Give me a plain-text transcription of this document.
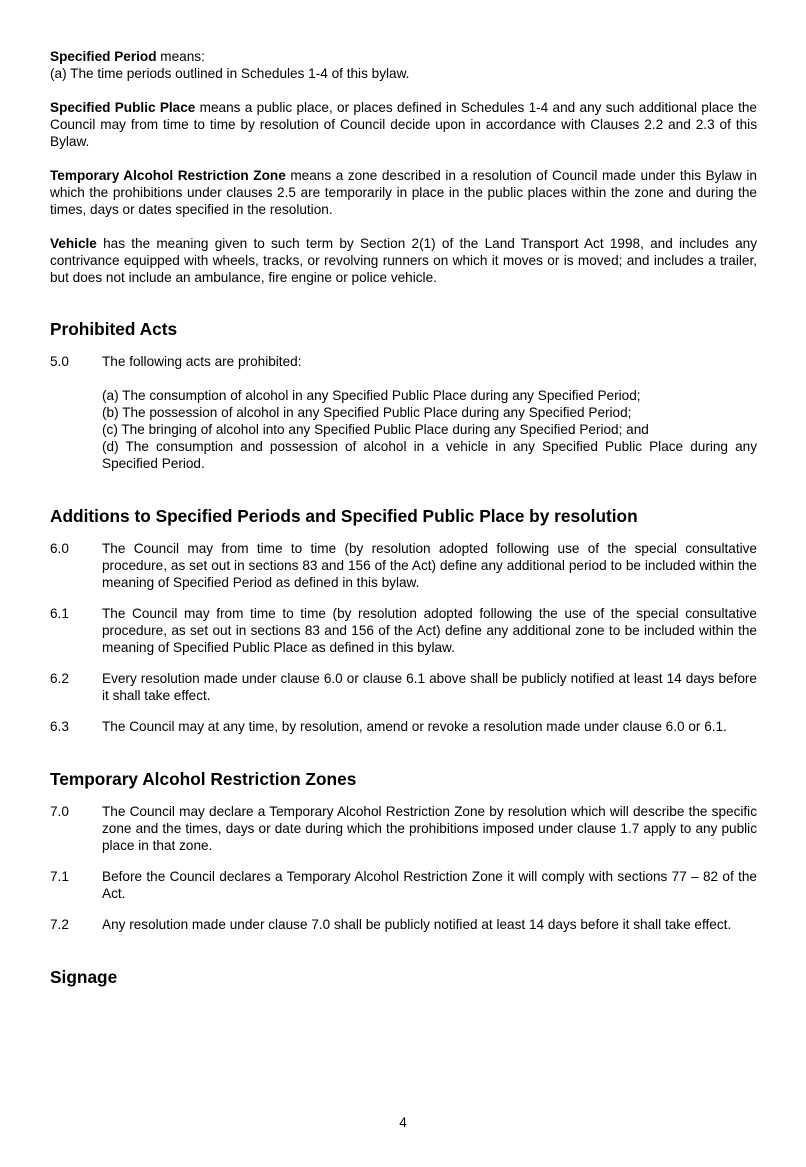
Specified Period means:

(a) The time periods outlined in Schedules 1-4 of this bylaw.

Specified Public Place means a public place, or places defined in Schedules 1-4 and any such additional place the Council may from time to time by resolution of Council decide upon in accordance with Clauses 2.2 and 2.3 of this Bylaw.

Temporary Alcohol Restriction Zone means a zone described in a resolution of Council made under this Bylaw in which the prohibitions under clauses 2.5 are temporarily in place in the public places within the zone and during the times, days or dates specified in the resolution.

Vehicle has the meaning given to such term by Section 2(1) of the Land Transport Act 1998, and includes any contrivance equipped with wheels, tracks, or revolving runners on which it moves or is moved; and includes a trailer, but does not include an ambulance, fire engine or police vehicle.

Prohibited Acts
5.0	The following acts are prohibited:
(a) The consumption of alcohol in any Specified Public Place during any Specified Period;
(b) The possession of alcohol in any Specified Public Place during any Specified Period;
(c) The bringing of alcohol into any Specified Public Place during any Specified Period; and
(d) The consumption and possession of alcohol in a vehicle in any Specified Public Place during any Specified Period.
Additions to Specified Periods and Specified Public Place by resolution
6.0	The Council may from time to time (by resolution adopted following use of the special consultative procedure, as set out in sections 83 and 156 of the Act) define any additional period to be included within the meaning of Specified Period as defined in this bylaw.
6.1	The Council may from time to time (by resolution adopted following the use of the special consultative procedure, as set out in sections 83 and 156 of the Act) define any additional zone to be included within the meaning of Specified Public Place as defined in this bylaw.
6.2	Every resolution made under clause 6.0 or clause 6.1 above shall be publicly notified at least 14 days before it shall take effect.
6.3	The Council may at any time, by resolution, amend or revoke a resolution made under clause 6.0 or 6.1.
Temporary Alcohol Restriction Zones
7.0	The Council may declare a Temporary Alcohol Restriction Zone by resolution which will describe the specific zone and the times, days or date during which the prohibitions imposed under clause 1.7 apply to any public place in that zone.
7.1	Before the Council declares a Temporary Alcohol Restriction Zone it will comply with sections 77 – 82 of the Act.
7.2	Any resolution made under clause 7.0 shall be publicly notified at least 14 days before it shall take effect.
Signage
4
